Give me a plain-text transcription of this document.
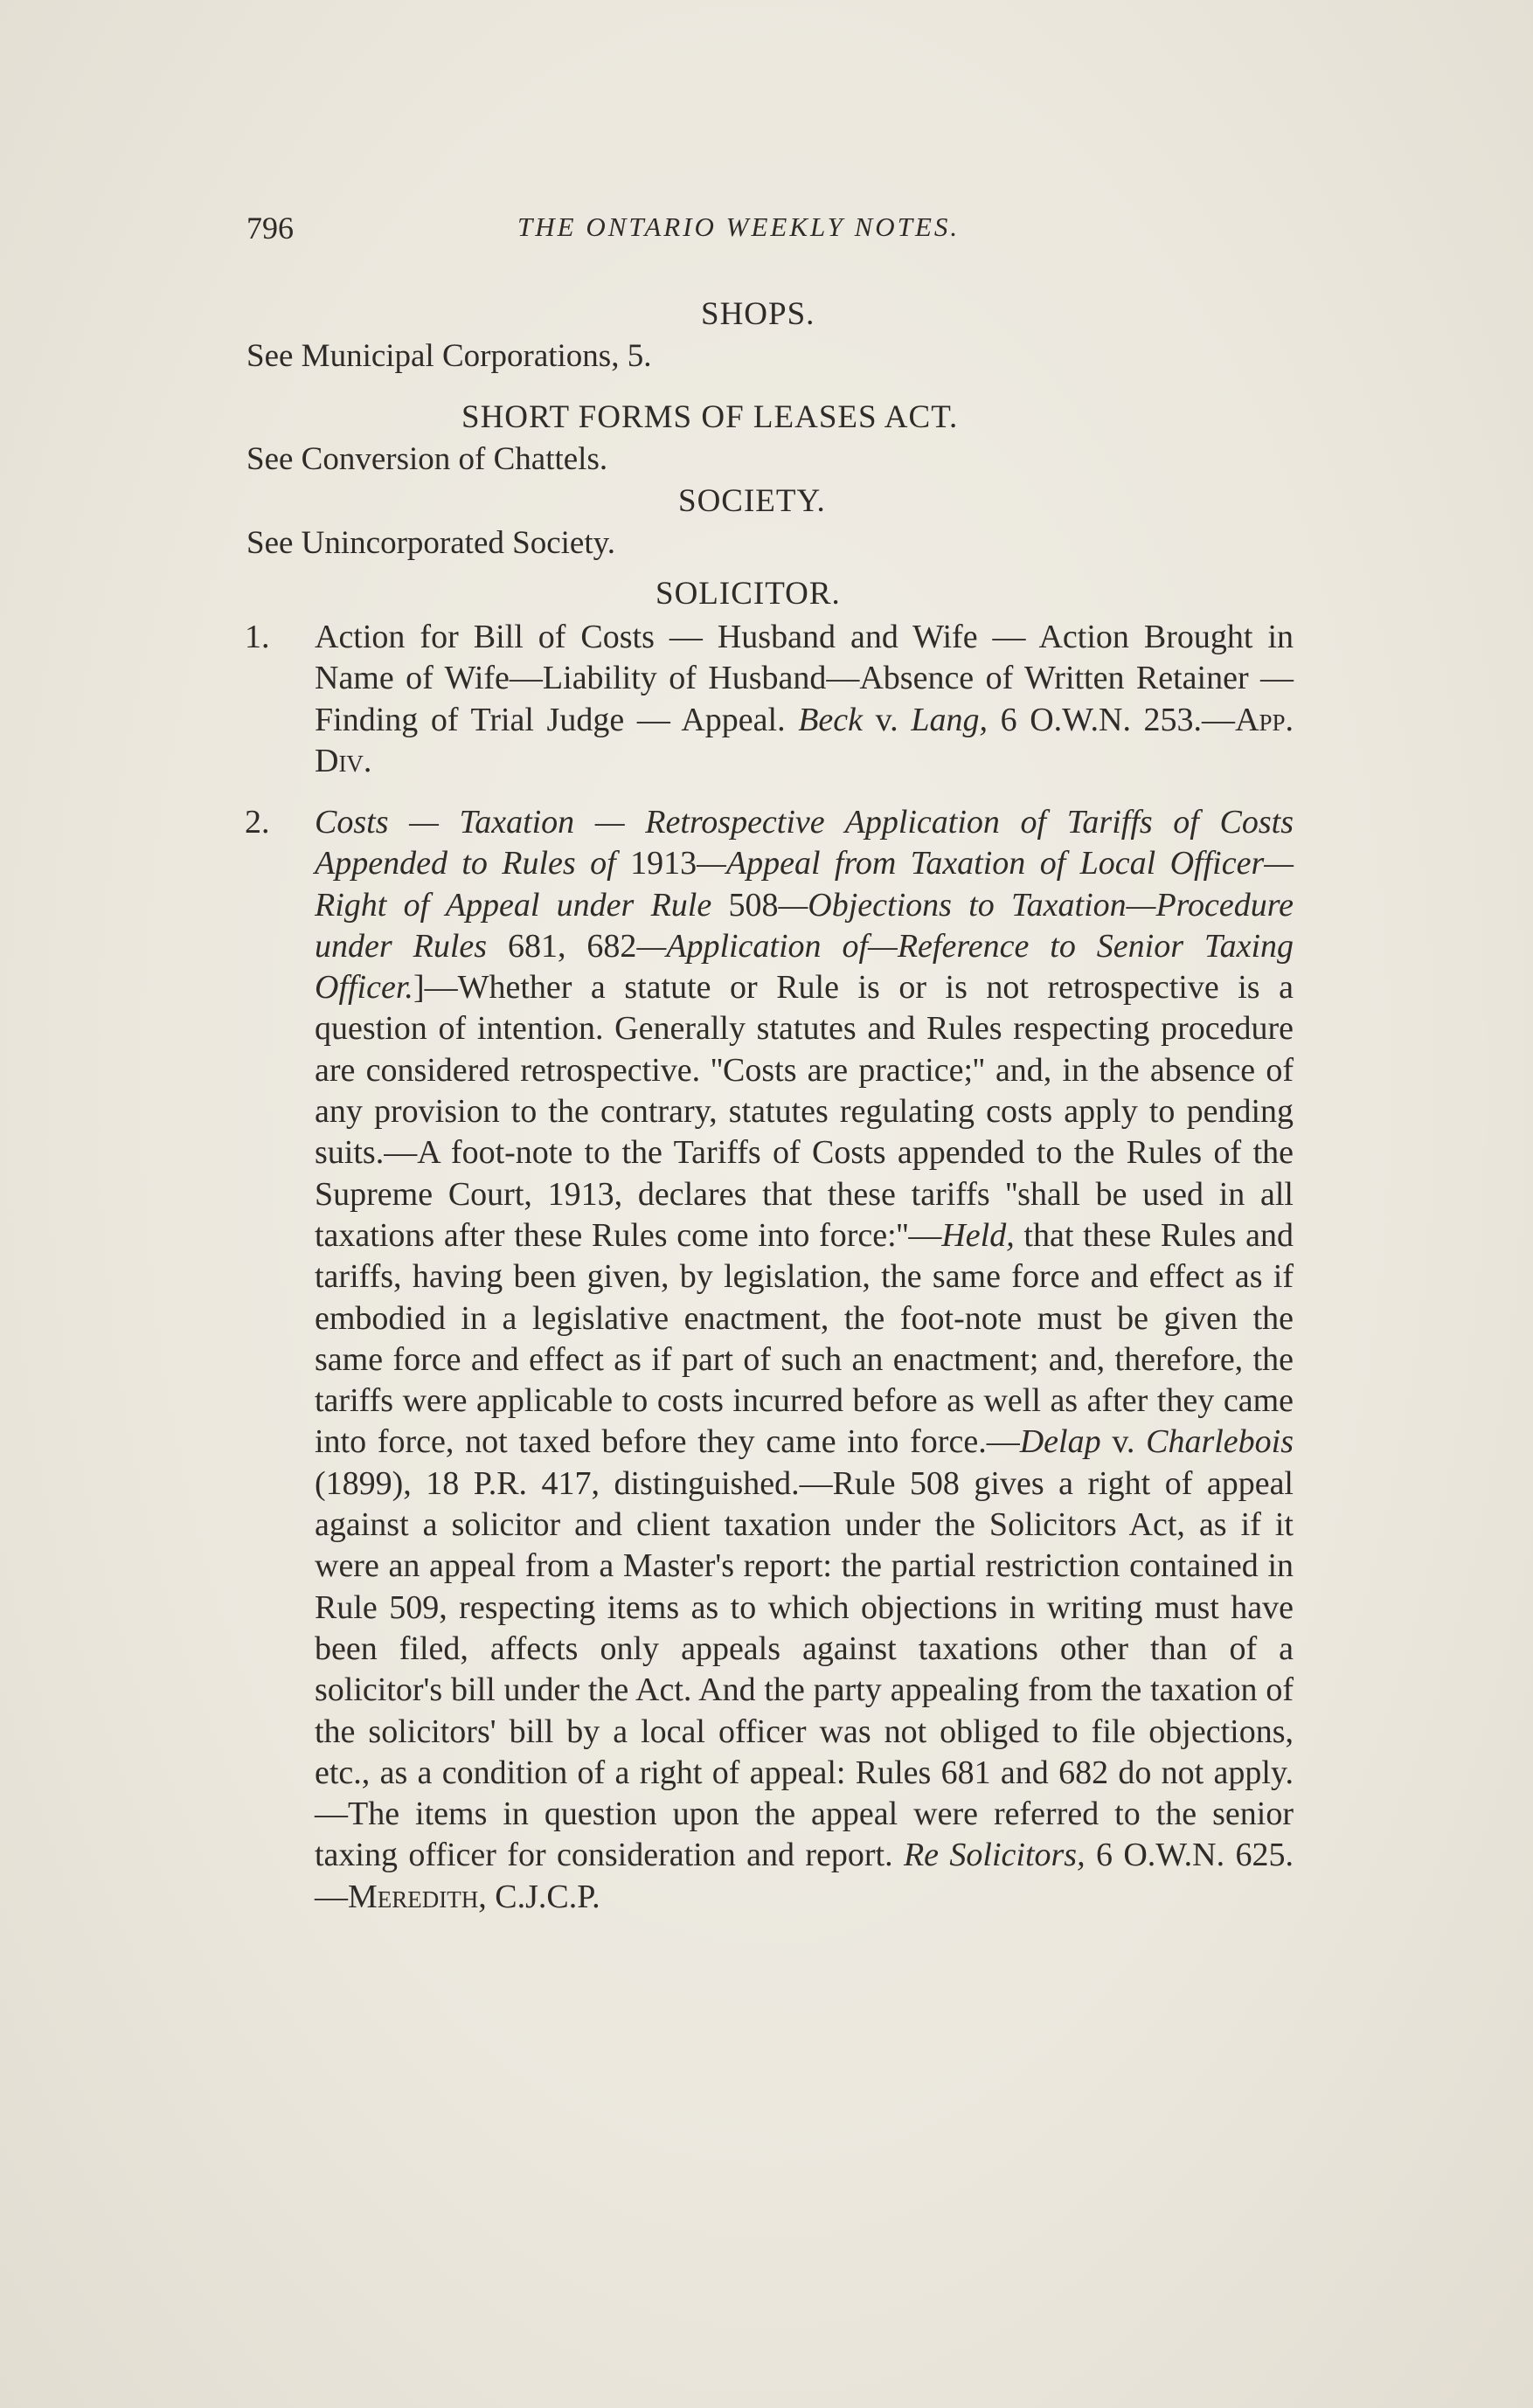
796	THE ONTARIO WEEKLY NOTES.
SHOPS.
See Municipal Corporations, 5.
SHORT FORMS OF LEASES ACT.
See Conversion of Chattels.
SOCIETY.
See Unincorporated Society.
SOLICITOR.
1. Action for Bill of Costs — Husband and Wife — Action Brought in Name of Wife—Liability of Husband—Absence of Written Retainer — Finding of Trial Judge — Appeal. Beck v. Lang, 6 O.W.N. 253.—App. Div.

2. Costs — Taxation — Retrospective Application of Tariffs of Costs Appended to Rules of 1913—Appeal from Taxation of Local Officer—Right of Appeal under Rule 508—Objections to Taxation—Procedure under Rules 681, 682—Application of—Reference to Senior Taxing Officer.]—Whether a statute or Rule is or is not retrospective is a question of intention. Generally statutes and Rules respecting procedure are considered retrospective. ''Costs are practice;'' and, in the absence of any provision to the contrary, statutes regulating costs apply to pending suits.—A foot-note to the Tariffs of Costs appended to the Rules of the Supreme Court, 1913, declares that these tariffs ''shall be used in all taxations after these Rules come into force:''—Held, that these Rules and tariffs, having been given, by legislation, the same force and effect as if embodied in a legislative enactment, the foot-note must be given the same force and effect as if part of such an enactment; and, therefore, the tariffs were applicable to costs incurred before as well as after they came into force, not taxed before they came into force.—Delap v. Charlebois (1899), 18 P.R. 417, distinguished.—Rule 508 gives a right of appeal against a solicitor and client taxation under the Solicitors Act, as if it were an appeal from a Master's report: the partial restriction contained in Rule 509, respecting items as to which objections in writing must have been filed, affects only appeals against taxations other than of a solicitor's bill under the Act. And the party appealing from the taxation of the solicitors' bill by a local officer was not obliged to file objections, etc., as a condition of a right of appeal: Rules 681 and 682 do not apply.—The items in question upon the appeal were referred to the senior taxing officer for consideration and report. Re Solicitors, 6 O.W.N. 625.—Meredith, C.J.C.P.
